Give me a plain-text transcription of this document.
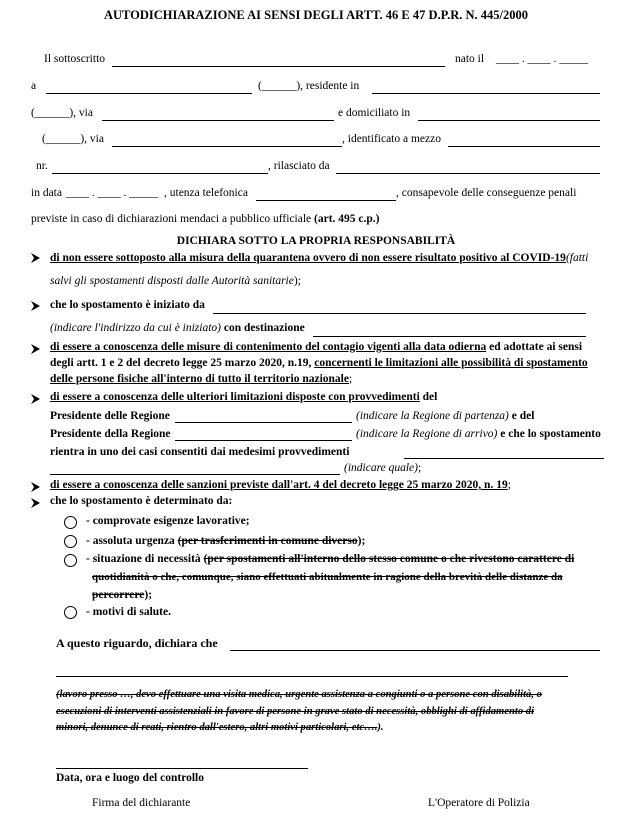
AUTODICHIARAZIONE AI SENSI DEGLI ARTT. 46 E 47 D.P.R. N. 445/2000
Il sottoscritto	nato il ____ . ____ . _____
a	(______), residente in
(______), via	e domiciliato in
(______), via	, identificato a mezzo
nr.	, rilasciato da
in data ____ . ____ . _____ , utenza telefonica	, consapevole delle conseguenze penali
previste in caso di dichiarazioni mendaci a pubblico ufficiale (art. 495 c.p.)
DICHIARA SOTTO LA PROPRIA RESPONSABILITÀ
di non essere sottoposto alla misura della quarantena ovvero di non essere risultato positivo al COVID-19(fatti
salvi gli spostamenti disposti dalle Autorità sanitarie);
che lo spostamento è iniziato da
(indicare l'indirizzo da cui è iniziato) con destinazione
di essere a conoscenza delle misure di contenimento del contagio vigenti alla data odierna ed adottate ai sensi
degli artt. 1 e 2 del decreto legge 25 marzo 2020, n.19, concernenti le limitazioni alle possibilità di spostamento
delle persone fisiche all'interno di tutto il territorio nazionale;
di essere a conoscenza delle ulteriori limitazioni disposte con provvedimenti del
Presidente delle Regione	(indicare la Regione di partenza) e del
Presidente della Regione	(indicare la Regione di arrivo) e che lo spostamento
rientra in uno dei casi consentiti dai medesimi provvedimenti
(indicare quale);
di essere a conoscenza delle sanzioni previste dall'art. 4 del decreto legge 25 marzo 2020, n. 19;
che lo spostamento è determinato da:
- comprovate esigenze lavorative;
- assoluta urgenza (per trasferimenti in comune diverso);
- situazione di necessità (per spostamenti all'interno dello stesso comune o che rivestono carattere di
quotidianità o che, comunque, siano effettuati abitualmente in ragione della brevità delle distanze da
percorrere);
- motivi di salute.
A questo riguardo, dichiara che
(lavoro presso …, devo effettuare una visita medica, urgente assistenza a congiunti o a persone con disabilità, o
esecuzioni di interventi assistenziali in favore di persone in grave stato di necessità, obblighi di affidamento di
minori, denunce di reati, rientro dall'estero, altri motivi particolari, etc….).
Data, ora e luogo del controllo
Firma del dichiarante	L'Operatore di Polizia
